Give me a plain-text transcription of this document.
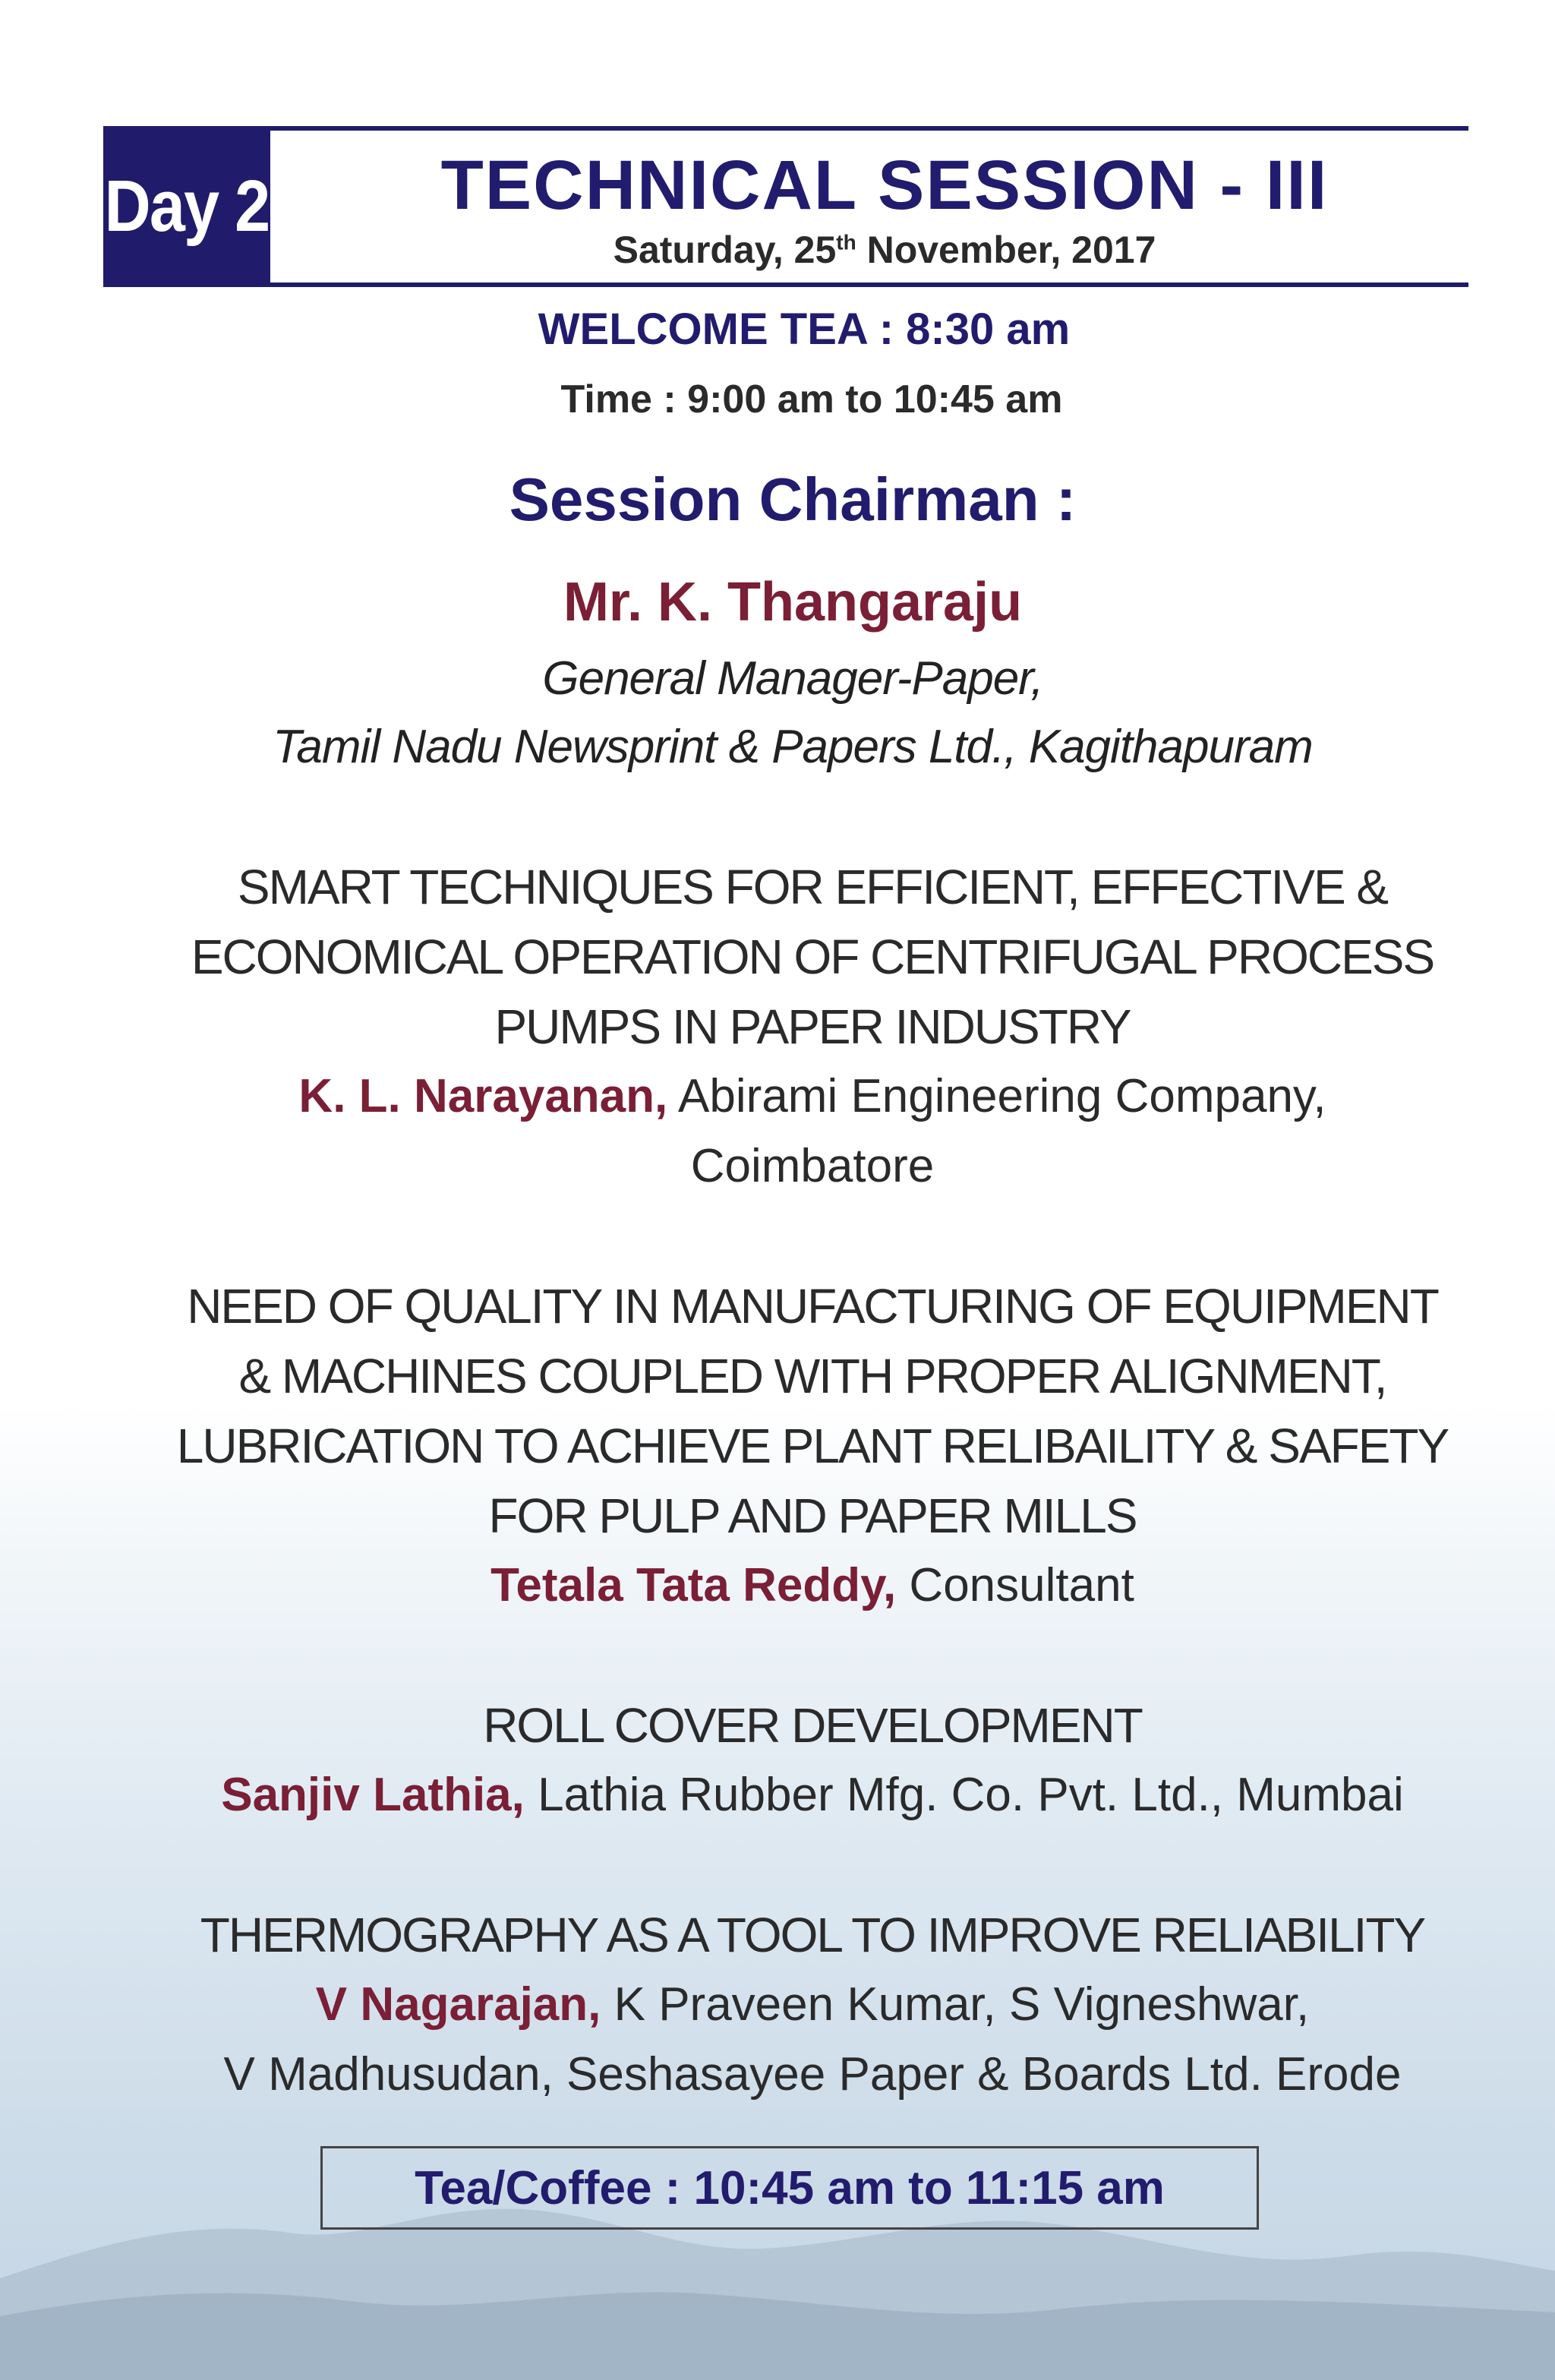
Day 2	TECHNICAL SESSION - III
Saturday, 25th November, 2017
WELCOME TEA : 8:30 am
Time : 9:00 am to 10:45 am
Session Chairman :
Mr. K. Thangaraju
General Manager-Paper,
Tamil Nadu Newsprint & Papers Ltd., Kagithapuram
SMART TECHNIQUES FOR EFFICIENT, EFFECTIVE &
ECONOMICAL OPERATION OF CENTRIFUGAL PROCESS
PUMPS IN PAPER INDUSTRY
K. L. Narayanan, Abirami Engineering Company,
Coimbatore
NEED OF QUALITY IN MANUFACTURING OF EQUIPMENT
& MACHINES COUPLED WITH PROPER ALIGNMENT,
LUBRICATION TO ACHIEVE PLANT RELIBAILITY & SAFETY
FOR PULP AND PAPER MILLS
Tetala Tata Reddy, Consultant
ROLL COVER DEVELOPMENT
Sanjiv Lathia, Lathia Rubber Mfg. Co. Pvt. Ltd., Mumbai
THERMOGRAPHY AS A TOOL TO IMPROVE RELIABILITY
V Nagarajan, K Praveen Kumar, S Vigneshwar,
V Madhusudan, Seshasayee Paper & Boards Ltd. Erode
Tea/Coffee : 10:45 am to 11:15 am
